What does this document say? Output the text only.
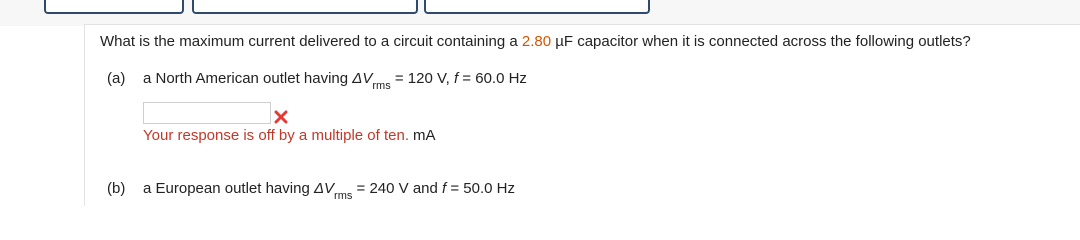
What is the maximum current delivered to a circuit containing a 2.80 µF capacitor when it is connected across the following outlets?
(a) a North American outlet having $\Delta V_{rms} = 120$ V, f = 60.0 Hz
Your response is off by a multiple of ten. mA
(b) a European outlet having $\Delta V_{rms} = 240$ V and f = 50.0 Hz
